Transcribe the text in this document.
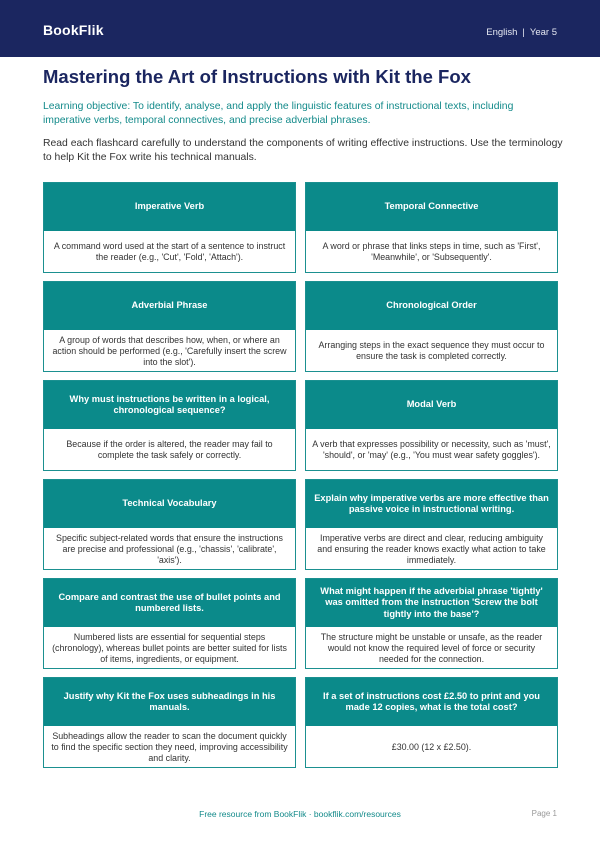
BookFlik	English | Year 5
Mastering the Art of Instructions with Kit the Fox
Learning objective: To identify, analyse, and apply the linguistic features of instructional texts, including imperative verbs, temporal connectives, and precise adverbial phrases.
Read each flashcard carefully to understand the components of writing effective instructions. Use the terminology to help Kit the Fox write his technical manuals.
Imperative Verb
A command word used at the start of a sentence to instruct the reader (e.g., 'Cut', 'Fold', 'Attach').
Temporal Connective
A word or phrase that links steps in time, such as 'First', 'Meanwhile', or 'Subsequently'.
Adverbial Phrase
A group of words that describes how, when, or where an action should be performed (e.g., 'Carefully insert the screw into the slot').
Chronological Order
Arranging steps in the exact sequence they must occur to ensure the task is completed correctly.
Why must instructions be written in a logical, chronological sequence?
Because if the order is altered, the reader may fail to complete the task safely or correctly.
Modal Verb
A verb that expresses possibility or necessity, such as 'must', 'should', or 'may' (e.g., 'You must wear safety goggles').
Technical Vocabulary
Specific subject-related words that ensure the instructions are precise and professional (e.g., 'chassis', 'calibrate', 'axis').
Explain why imperative verbs are more effective than passive voice in instructional writing.
Imperative verbs are direct and clear, reducing ambiguity and ensuring the reader knows exactly what action to take immediately.
Compare and contrast the use of bullet points and numbered lists.
Numbered lists are essential for sequential steps (chronology), whereas bullet points are better suited for lists of items, ingredients, or equipment.
What might happen if the adverbial phrase 'tightly' was omitted from the instruction 'Screw the bolt tightly into the base'?
The structure might be unstable or unsafe, as the reader would not know the required level of force or security needed for the connection.
Justify why Kit the Fox uses subheadings in his manuals.
Subheadings allow the reader to scan the document quickly to find the specific section they need, improving accessibility and clarity.
If a set of instructions cost £2.50 to print and you made 12 copies, what is the total cost?
£30.00 (12 x £2.50).
Free resource from BookFlik · bookflik.com/resources	Page 1
